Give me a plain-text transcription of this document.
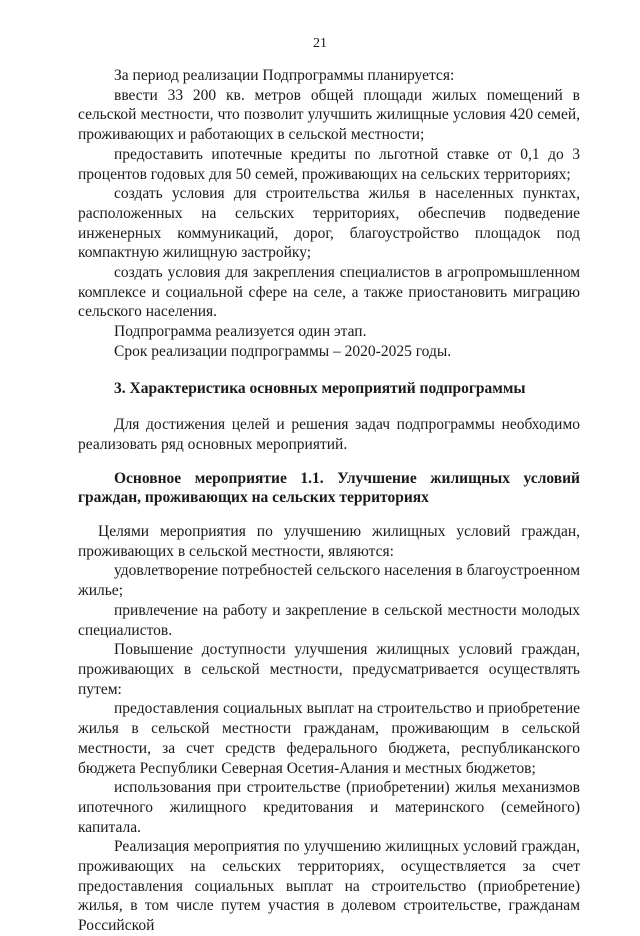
21

За период реализации Подпрограммы планируется:

ввести 33 200 кв. метров общей площади жилых помещений в сельской местности, что позволит улучшить жилищные условия 420 семей, проживающих и работающих в сельской местности;

предоставить ипотечные кредиты по льготной ставке от 0,1 до 3 процентов годовых для 50 семей, проживающих на сельских территориях;

создать условия для строительства жилья в населенных пунктах, расположенных на сельских территориях, обеспечив подведение инженерных коммуникаций, дорог, благоустройство площадок под компактную жилищную застройку;

создать условия для закрепления специалистов в агропромышленном комплексе и социальной сфере на селе, а также приостановить миграцию сельского населения.

Подпрограмма реализуется один этап.

Срок реализации подпрограммы – 2020-2025 годы.

3. Характеристика основных мероприятий подпрограммы

Для достижения целей и решения задач подпрограммы необходимо реализовать ряд основных мероприятий.

Основное мероприятие 1.1. Улучшение жилищных условий граждан, проживающих на сельских территориях

Целями мероприятия по улучшению жилищных условий граждан, проживающих в сельской местности, являются:

удовлетворение потребностей сельского населения в благоустроенном жилье;

привлечение на работу и закрепление в сельской местности молодых специалистов.

Повышение доступности улучшения жилищных условий граждан, проживающих в сельской местности, предусматривается осуществлять путем:

предоставления социальных выплат на строительство и приобретение жилья в сельской местности гражданам, проживающим в сельской местности, за счет средств федерального бюджета, республиканского бюджета Республики Северная Осетия-Алания и местных бюджетов;

использования при строительстве (приобретении) жилья механизмов ипотечного жилищного кредитования и материнского (семейного) капитала.

Реализация мероприятия по улучшению жилищных условий граждан, проживающих на сельских территориях, осуществляется за счет предоставления социальных выплат на строительство (приобретение) жилья, в том числе путем участия в долевом строительстве, гражданам Российской
